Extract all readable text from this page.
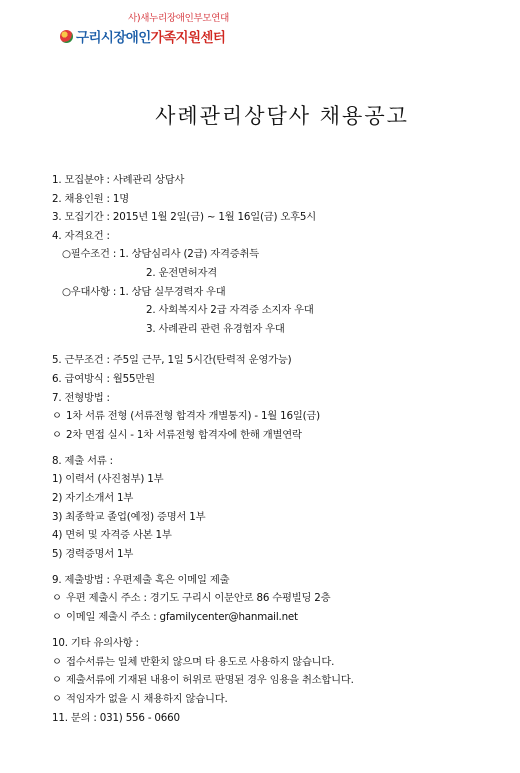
사)새누리장애인부모연대
구리시장애인 가족지원센터
사례관리상담사 채용공고
1. 모집분야 : 사례관리 상담사
2. 채용인원 : 1명
3. 모집기간 : 2015년 1월 2일(금) ~ 1월 16일(금) 오후5시
4. 자격요건 :
○필수조건 : 1. 상담심리사 (2급) 자격증취득
2. 운전면허자격
○우대사항 : 1. 상담 실무경력자 우대
2. 사회복지사 2급 자격증 소지자 우대
3. 사례관리 관련 유경험자 우대
5. 근무조건 : 주5일 근무, 1일 5시간(탄력적 운영가능)
6. 급여방식 : 월55만원
7. 전형방법 :
ㅇ 1차 서류 전형 (서류전형 합격자 개별통지) - 1월 16일(금)
ㅇ 2차 면접 실시 - 1차 서류전형 합격자에 한해 개별연락
8. 제출 서류 :
1) 이력서 (사진첨부) 1부
2) 자기소개서 1부
3) 최종학교 졸업(예정) 증명서 1부
4) 면허 및 자격증 사본 1부
5) 경력증명서 1부
9. 제출방법 : 우편제출 혹은 이메일 제출
ㅇ 우편 제출시 주소 : 경기도 구리시 이문안로 86 수평빌딩 2층
ㅇ 이메일 제출시 주소 : gfamilycenter@hanmail.net
10. 기타 유의사항 :
ㅇ 접수서류는 일체 반환치 않으며 타 용도로 사용하지 않습니다.
ㅇ 제출서류에 기재된 내용이 허위로 판명된 경우 임용을 취소합니다.
ㅇ 적임자가 없을 시 채용하지 않습니다.
11. 문의 : 031) 556 - 0660
